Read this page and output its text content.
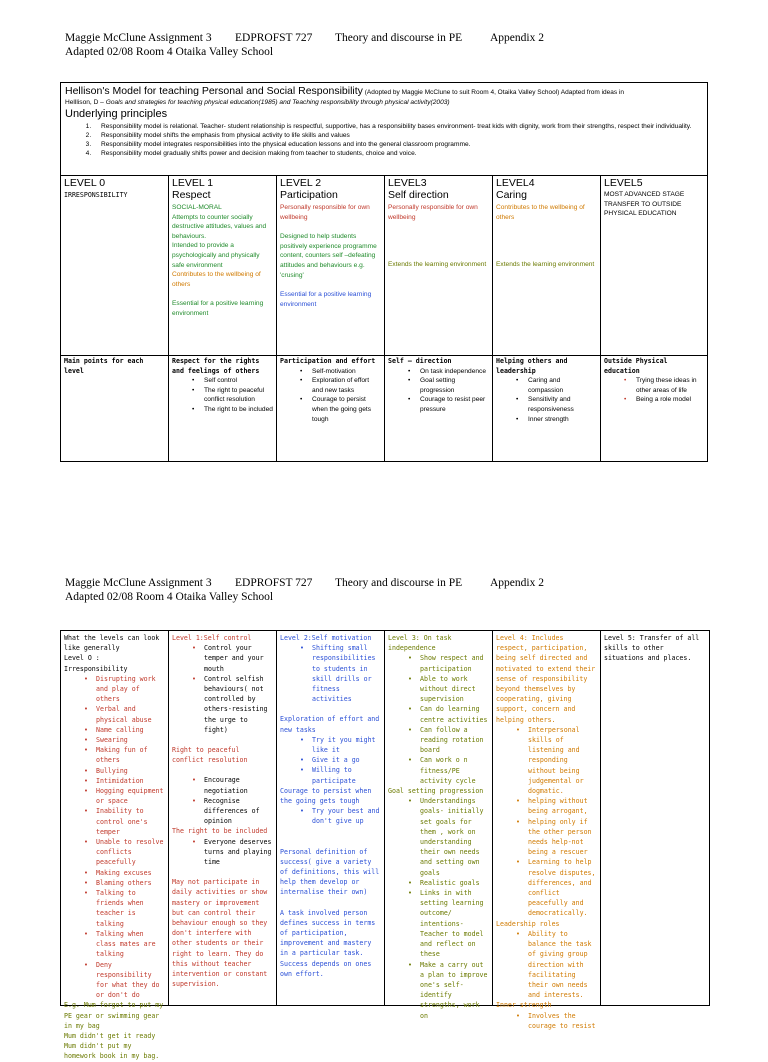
Maggie McClune Assignment 3 EDPROFST 727 Theory and discourse in PE Appendix 2
Adapted 02/08 Room 4 Otaika Valley School
Hellison's Model for teaching Personal and Social Responsibility (Adopted by Maggie McClune to suit Room 4, Otaika Valley School) Adapted from ideas in
Helllison, D – Goals and strategies for teaching physical education(1985) and Teaching responsibility through physical activity(2003)
Underlying principles
1. Responsibility model is relational. Teacher- student relationship is respectful, supportive, has a responsibility bases environment- treat kids with dignity, work from their strengths, respect their individuality.
2. Responsibility model shifts the emphasis from physical activity to life skills and values
3. Responsibility model integrates responsibilities into the physical education lessons and into the general classroom programme.
4. Responsibility model gradually shifts power and decision making from teacher to students, choice and voice.
LEVEL 0
IRRESPONSIBILITY
LEVEL 1
Respect
SOCIAL-MORAL
Attempts to counter socially destructive attitudes, values and behaviours.
Intended to provide a psychologically and physically safe environment
Contributes to the wellbeing of others
Essential for a positive learning environment
LEVEL 2
Participation
Personally responsible for own wellbeing
Designed to help students positively experience programme content, counters self –defeating attitudes and behaviours e.g. 'crusing'
Essential for a positive learning environment
LEVEL3
Self direction
Personally responsible for own wellbeing
Extends the learning environment
LEVEL4
Caring
Contributes to the wellbeing of others
Extends the learning environment
LEVEL5
MOST ADVANCED STAGE TRANSFER TO OUTSIDE PHYSICAL EDUCATION
Main points for each level
Respect for the rights and feelings of others
• Self control
• The right to peaceful conflict resolution
• The right to be included
Participation and effort
• Self-motivation
• Exploration of effort and new tasks
• Courage to persist when the going gets tough
Self – direction
• On task independence
• Goal setting progression
• Courage to resist peer pressure
Helping others and leadership
• Caring and compassion
• Sensitivity and responsiveness
• Inner strength
Outside Physical education
• Trying these ideas in other areas of life
• Being a role model
Maggie McClune Assignment 3 EDPROFST 727 Theory and discourse in PE Appendix 2
Adapted 02/08 Room 4 Otaika Valley School
What the levels can look like generally
Level O : Irresponsibility
• Disrupting work and play of others
• Verbal and physical abuse
• Name calling
• Swearing
• Making fun of others
• Bullying
• Intimidation
• Hogging equipment or space
• Inability to control one's temper
• Unable to resolve conflicts peacefully
• Making excuses
• Blaming others
• Talking to friends when teacher is talking
• Talking when class mates are talking
• Deny responsibility for what they do or don't do
E.g. Mum forgot to put my PE gear or swimming gear in my bag
Mum didn't get it ready
Mum didn't put my homework book in my bag.
Level 1:Self control
• Control your temper and your mouth
• Control selfish behaviours( not controlled by others-resisting the urge to fight)
Right to peaceful conflict resolution
• Encourage negotiation
• Recognise differences of opinion
The right to be included
• Everyone deserves turns and playing time
May not participate in daily activities or show mastery or improvement but can control their behaviour enough so they don't interfere with other students or their right to learn. They do this without teacher intervention or constant supervision.
Level 2:Self motivation
• Shifting small responsibilities to students in skill drills or fitness activities
Exploration of effort and new tasks
• Try it you might like it
• Give it a go
• Willing to participate
Courage to persist when the going gets tough
• Try your best and don't give up
Personal definition of success( give a variety of definitions, this will help them develop or internalise their own)
A task involved person defines success in terms of participation, improvement and mastery in a particular task. Success depends on ones own effort.
Level 3: On task independence
• Show respect and participation
• Able to work without direct supervision
• Can do learning centre activities
• Can follow a reading rotation board
• Can work o n fitness/PE activity cycle
Goal setting progression
• Understandings goals- initially set goals for them , work on understanding their own needs and setting own goals
• Realistic goals
• Links in with setting learning outcome/ intentions- Teacher to model and reflect on these
• Make a carry out a plan to improve one's self- identify strengths, work on
Level 4: Includes respect, participation, being self directed and motivated to extend their sense of responsibility beyond themselves by cooperating, giving support, concern and helping others.
• Interpersonal skills of listening and responding without being judgemental or dogmatic.
• helping without being arrogant,
• helping only if the other person needs help-not being a rescuer
• Learning to help resolve disputes, differences, and conflict peacefully and democratically.
Leadership roles
• Ability to balance the task of giving group direction with facilitating their own needs and interests.
Inner strength
• Involves the courage to resist
Level 5: Transfer of all skills to other situations and places.
